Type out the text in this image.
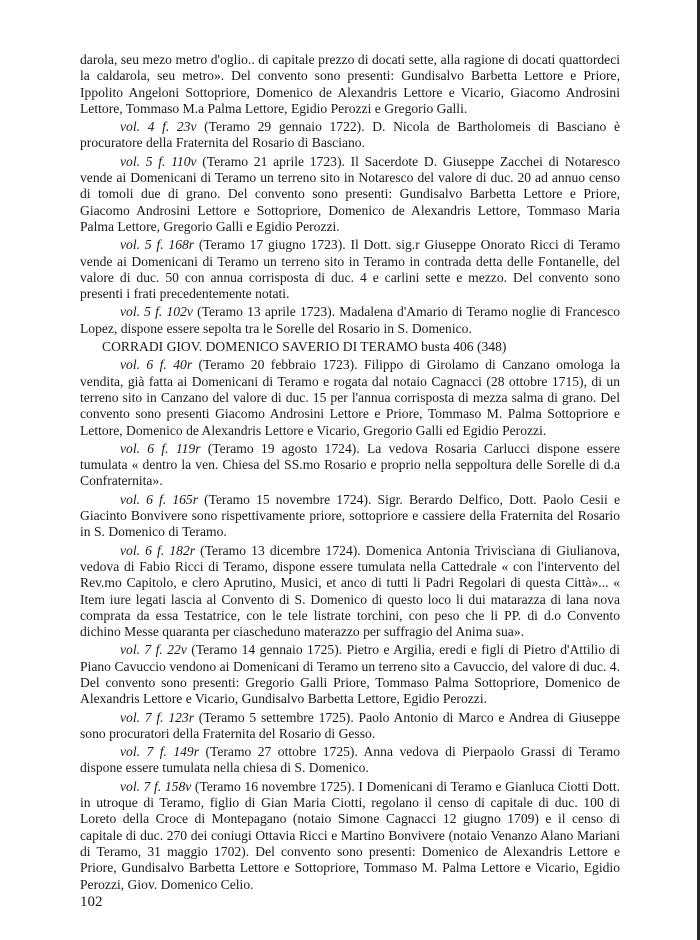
darola, seu mezo metro d'oglio.. di capitale prezzo di docati sette, alla ragione di docati quattordeci la caldarola, seu metro». Del convento sono presenti: Gundisalvo Barbetta Lettore e Priore, Ippolito Angeloni Sottopriore, Domenico de Alexandris Lettore e Vicario, Giacomo Androsini Lettore, Tommaso M.a Palma Lettore, Egidio Perozzi e Gregorio Galli.

vol. 4 f. 23v (Teramo 29 gennaio 1722). D. Nicola de Bartholomeis di Basciano è procuratore della Fraternita del Rosario di Basciano.

vol. 5 f. 110v (Teramo 21 aprile 1723). Il Sacerdote D. Giuseppe Zacchei di Notaresco vende ai Domenicani di Teramo un terreno sito in Notaresco del valore di duc. 20 ad annuo censo di tomoli due di grano. Del convento sono presenti: Gundisalvo Barbetta Lettore e Priore, Giacomo Androsini Lettore e Sottopriore, Domenico de Alexandris Lettore, Tommaso Maria Palma Lettore, Gregorio Galli e Egidio Perozzi.

vol. 5 f. 168r (Teramo 17 giugno 1723). Il Dott. sig.r Giuseppe Onorato Ricci di Teramo vende ai Domenicani di Teramo un terreno sito in Teramo in contrada detta delle Fontanelle, del valore di duc. 50 con annua corrisposta di duc. 4 e carlini sette e mezzo. Del convento sono presenti i frati precedentemente notati.

vol. 5 f. 102v (Teramo 13 aprile 1723). Madalena d'Amario di Teramo noglie di Francesco Lopez, dispone essere sepolta tra le Sorelle del Rosario in S. Domenico.

CORRADI GIOV. DOMENICO SAVERIO DI TERAMO busta 406 (348)

vol. 6 f. 40r (Teramo 20 febbraio 1723). Filippo di Girolamo di Canzano omologa la vendita, già fatta ai Domenicani di Teramo e rogata dal notaio Cagnacci (28 ottobre 1715), di un terreno sito in Canzano del valore di duc. 15 per l'annua corrisposta di mezza salma di grano. Del convento sono presenti Giacomo Androsini Lettore e Priore, Tommaso M. Palma Sottopriore e Lettore, Domenico de Alexandris Lettore e Vicario, Gregorio Galli ed Egidio Perozzi.

vol. 6 f. 119r (Teramo 19 agosto 1724). La vedova Rosaria Carlucci dispone essere tumulata « dentro la ven. Chiesa del SS.mo Rosario e proprio nella seppoltura delle Sorelle di d.a Confraternita».

vol. 6 f. 165r (Teramo 15 novembre 1724). Sigr. Berardo Delfico, Dott. Paolo Cesii e Giacinto Bonvivere sono rispettivamente priore, sottopriore e cassiere della Fraternita del Rosario in S. Domenico di Teramo.

vol. 6 f. 182r (Teramo 13 dicembre 1724). Domenica Antonia Triviscìana di Giulianova, vedova di Fabio Ricci di Teramo, dispone essere tumulata nella Cattedrale « con l'intervento del Rev.mo Capitolo, e clero Aprutino, Musici, et anco di tutti li Padri Regolari di questa Città»... « Item iure legati lascia al Convento di S. Domenico di questo loco li dui matarazza di lana nova comprata da essa Testatrice, con le tele listrate torchini, con peso che li PP. di d.o Convento dichino Messe quaranta per ciascheduno materazzo per suffragio del Anima sua».

vol. 7 f. 22v (Teramo 14 gennaio 1725). Pietro e Argilia, eredi e figli di Pietro d'Attilio di Piano Cavuccio vendono ai Domenicani di Teramo un terreno sito a Cavuccio, del valore di duc. 4. Del convento sono presenti: Gregorio Galli Priore, Tommaso Palma Sottopriore, Domenico de Alexandris Lettore e Vicario, Gundisalvo Barbetta Lettore, Egidio Perozzi.

vol. 7 f. 123r (Teramo 5 settembre 1725). Paolo Antonio di Marco e Andrea di Giuseppe sono procuratori della Fraternita del Rosario di Gesso.

vol. 7 f. 149r (Teramo 27 ottobre 1725). Anna vedova di Pierpaolo Grassi di Teramo dispone essere tumulata nella chiesa di S. Domenico.

vol. 7 f. 158v (Teramo 16 novembre 1725). I Domenicani di Teramo e Gianluca Ciotti Dott. in utroque di Teramo, figlio di Gian Maria Ciotti, regolano il censo di capitale di duc. 100 di Loreto della Croce di Montepagano (notaio Simone Cagnacci 12 giugno 1709) e il censo di capitale di duc. 270 dei coniugi Ottavia Ricci e Martino Bonvivere (notaio Venanzo Alano Mariani di Teramo, 31 maggio 1702). Del convento sono presenti: Domenico de Alexandris Lettore e Priore, Gundisalvo Barbetta Lettore e Sottopriore, Tommaso M. Palma Lettore e Vicario, Egidio Perozzi, Giov. Domenico Celio.

102
